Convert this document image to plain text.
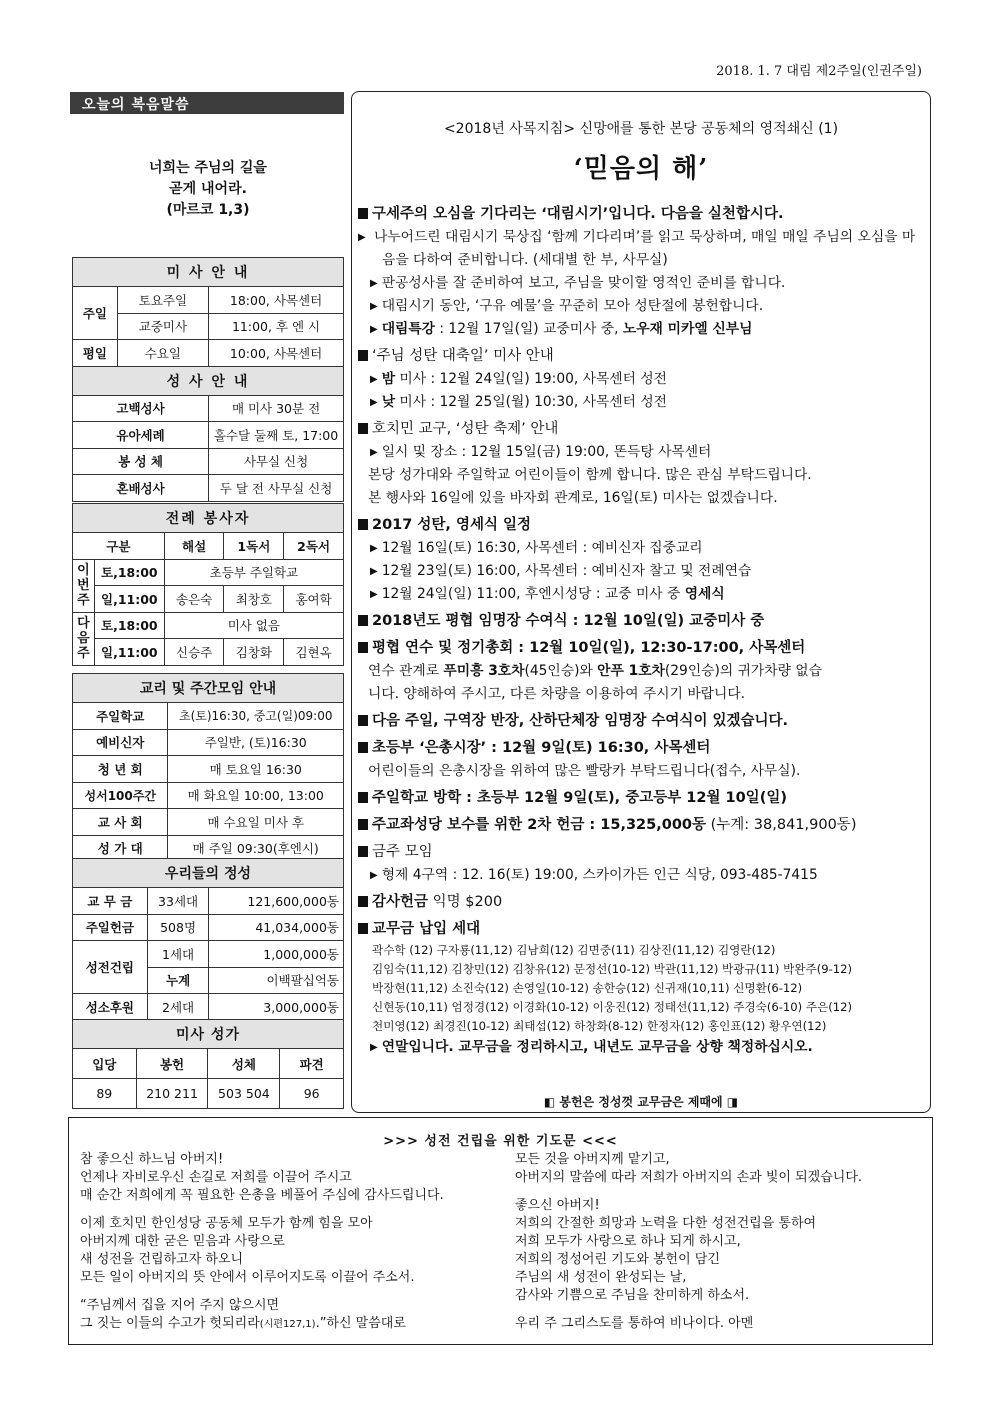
2018. 1. 7 대림 제2주일(인권주일)
오늘의 복음말씀
너희는 주님의 길을
곧게 내어라.
(마르코 1,3)
미 사 안 내		
주일	토요주일	18:00, 사목센터
	교중미사	11:00, 후 엔 시
평일	수요일	10:00, 사목센터
성 사 안 내		
고백성사		매 미사 30분 전
유아세례		홀수달 둘째 토, 17:00
봉 성 체		사무실 신청
혼배성사		두 달 전 사무실 신청
전례 봉사자				
구분		해설	1독서	2독서
이번주	토,18:00	초등부 주일학교		
	일,11:00	송은숙	최창호	홍여학
다음주	토,18:00	미사 없음		
	일,11:00	신승주	김창화	김현옥
교리 및 주간모임 안내	
주일학교	초(토)16:30, 중고(일)09:00
예비신자	주일반, (토)16:30
청 년 회	매 토요일 16:30
성서100주간	매 화요일 10:00, 13:00
교 사 회	매 수요일 미사 후
성 가 대	매 주일 09:30(후엔시)
우리들의 정성		
교 무 금	33세대	121,600,000동
주일헌금	508명	41,034,000동
성전건립	1세대	1,000,000동
	누계	이백팔십억동
성소후원	2세대	3,000,000동
미사 성가			
입당	봉헌	성체	파견
89	210 211	503 504	96
<2018년 사목지침> 신망애를 통한 본당 공동체의 영적쇄신 (1)
‘믿음의 해’
구세주의 오심을 기다리는 ‘대림시기’입니다. 다음을 실천합시다.
▶ 나누어드린 대림시기 묵상집 ‘함께 기다리며’를 읽고 묵상하며, 매일 매일 주님의 오심을 마음을 다하여 준비합니다. (세대별 한 부, 사무실)
▶ 판공성사를 잘 준비하여 보고, 주님을 맞이할 영적인 준비를 합니다.
▶ 대림시기 동안, ‘구유 예물’을 꾸준히 모아 성탄절에 봉헌합니다.
▶ 대림특강 : 12월 17일(일) 교중미사 중, 노우재 미카엘 신부님
‘주님 성탄 대축일’ 미사 안내
▶ 밤 미사 : 12월 24일(일) 19:00, 사목센터 성전
▶ 낮 미사 : 12월 25일(월) 10:30, 사목센터 성전
호치민 교구, ‘성탄 축제’ 안내
▶ 일시 및 장소 : 12월 15일(금) 19:00, 똔득탕 사목센터
본당 성가대와 주일학교 어린이들이 함께 합니다. 많은 관심 부탁드립니다.
본 행사와 16일에 있을 바자회 관계로, 16일(토) 미사는 없겠습니다.
2017 성탄, 영세식 일정
▶ 12월 16일(토) 16:30, 사목센터 : 예비신자 집중교리
▶ 12월 23일(토) 16:00, 사목센터 : 예비신자 찰고 및 전례연습
▶ 12월 24일(일) 11:00, 후엔시성당 : 교중 미사 중 영세식
2018년도 평협 임명장 수여식 : 12월 10일(일) 교중미사 중
평협 연수 및 정기총회 : 12월 10일(일), 12:30-17:00, 사목센터
연수 관계로 푸미흥 3호차(45인승)와 안푸 1호차(29인승)의 귀가차량 없습
니다. 양해하여 주시고, 다른 차량을 이용하여 주시기 바랍니다.
다음 주일, 구역장 반장, 산하단체장 임명장 수여식이 있겠습니다.
초등부 ‘은총시장’ : 12월 9일(토) 16:30, 사목센터
어린이들의 은총시장을 위하여 많은 빨랑카 부탁드립니다(접수, 사무실).
주일학교 방학 : 초등부 12월 9일(토), 중고등부 12월 10일(일)
주교좌성당 보수를 위한 2차 헌금 : 15,325,000동 (누계: 38,841,900동)
금주 모임
▶ 형제 4구역 : 12. 16(토) 19:00, 스카이가든 인근 식당, 093-485-7415
감사헌금 익명 $200
교무금 납입 세대
곽수학 (12) 구자룡(11,12) 김남희(12) 김면중(11) 김상진(11,12) 김영란(12)
김임숙(11,12) 김창민(12) 김창유(12) 문정선(10-12) 박관(11,12) 박광규(11) 박완주(9-12)
박장현(11,12) 소진숙(12) 손영일(10-12) 송한승(12) 신귀재(10,11) 신명환(6-12)
신현동(10,11) 엄정경(12) 이경화(10-12) 이웅진(12) 정태선(11,12) 주경숙(6-10) 주은(12)
천미영(12) 최경진(10-12) 최태섭(12) 하창화(8-12) 한정자(12) 홍인표(12) 황우연(12)
▶ 연말입니다. 교무금을 정리하시고, 내년도 교무금을 상향 책정하십시오.
◧ 봉헌은 정성껏 교무금은 제때에 ◨
>>> 성전 건립을 위한 기도문 <<<
참 좋으신 하느님 아버지!
언제나 자비로우신 손길로 저희를 이끌어 주시고
매 순간 저희에게 꼭 필요한 은총을 베풀어 주심에 감사드립니다.
이제 호치민 한인성당 공동체 모두가 함께 힘을 모아
아버지께 대한 굳은 믿음과 사랑으로
새 성전을 건립하고자 하오니
모든 일이 아버지의 뜻 안에서 이루어지도록 이끌어 주소서.
“주님께서 집을 지어 주지 않으시면
그 짓는 이들의 수고가 헛되리라(시편127,1).”하신 말씀대로
모든 것을 아버지께 맡기고,
아버지의 말씀에 따라 저희가 아버지의 손과 빛이 되겠습니다.
좋으신 아버지!
저희의 간절한 희망과 노력을 다한 성전건립을 통하여
저희 모두가 사랑으로 하나 되게 하시고,
저희의 정성어린 기도와 봉헌이 담긴
주님의 새 성전이 완성되는 날,
감사와 기쁨으로 주님을 찬미하게 하소서.
우리 주 그리스도를 통하여 비나이다. 아멘
